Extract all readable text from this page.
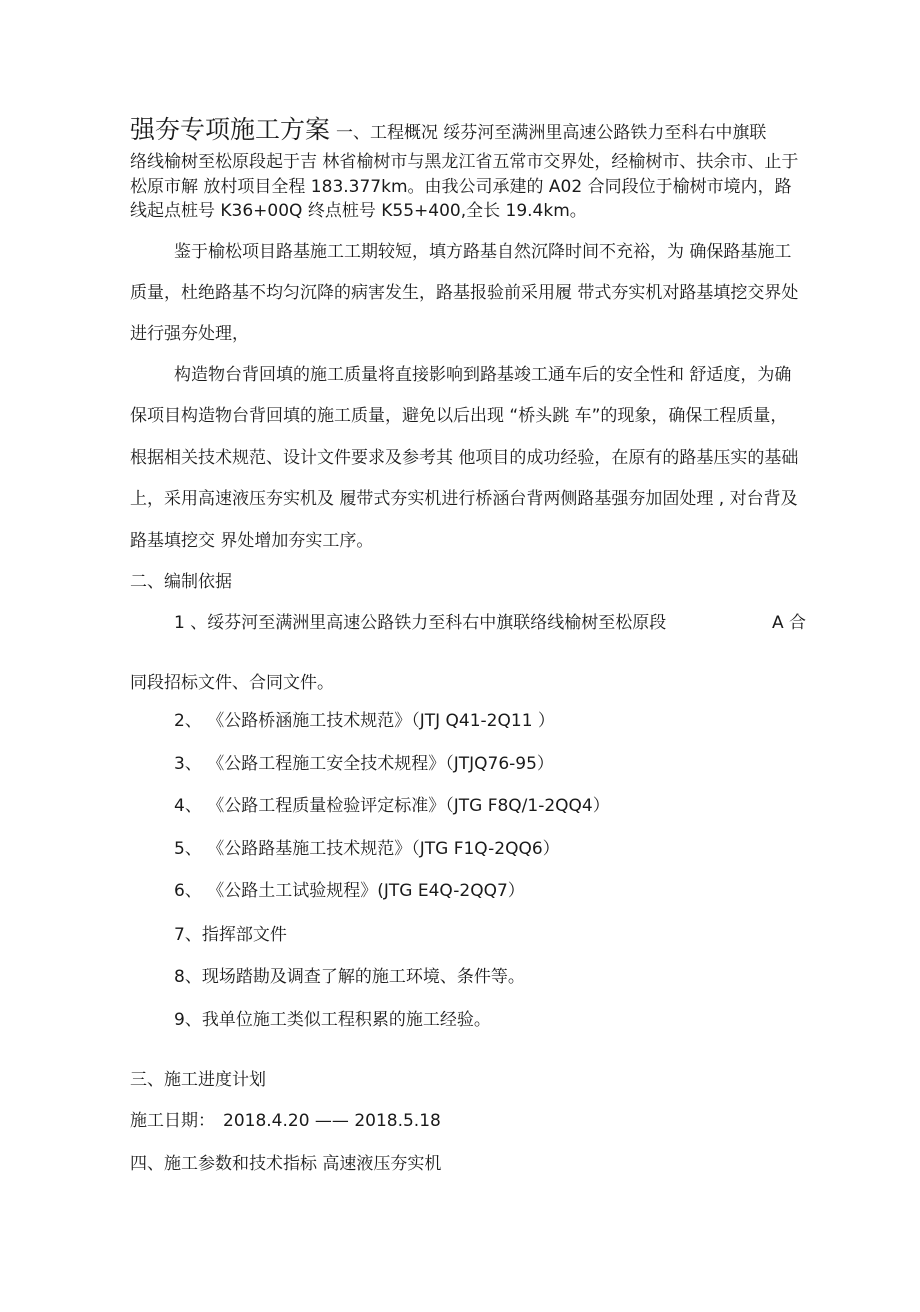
强夯专项施工方案 一、工程概况 绥芬河至满洲里高速公路铁力至科右中旗联
络线榆树至松原段起于吉 林省榆树市与黑龙江省五常市交界处，经榆树市、扶余市、止于
松原市解 放村项目全程 183.377km。由我公司承建的 A02 合同段位于榆树市境内，路
线起点桩号 K36+00Q 终点桩号 K55+400,全长 19.4km。
鉴于榆松项目路基施工工期较短，填方路基自然沉降时间不充裕，为 确保路基施工
质量，杜绝路基不均匀沉降的病害发生，路基报验前采用履 带式夯实机对路基填挖交界处
进行强夯处理，
构造物台背回填的施工质量将直接影响到路基竣工通车后的安全性和 舒适度，为确
保项目构造物台背回填的施工质量，避免以后出现 “桥头跳 车”的现象，确保工程质量，
根据相关技术规范、设计文件要求及参考其 他项目的成功经验，在原有的路基压实的基础
上，采用高速液压夯实机及 履带式夯实机进行桥涵台背两侧路基强夯加固处理 , 对台背及
路基填挖交 界处增加夯实工序。
二、编制依据
1 、绥芬河至满洲里高速公路铁力至科右中旗联络线榆树至松原段	A 合
同段招标文件、合同文件。
2、 《公路桥涵施工技术规范》（JTJ Q41-2Q11 ）
3、 《公路工程施工安全技术规程》（JTJQ76-95）
4、 《公路工程质量检验评定标准》（JTG F8Q/1-2QQ4）
5、 《公路路基施工技术规范》（JTG F1Q-2QQ6）
6、 《公路土工试验规程》(JTG E4Q-2QQ7）
7、指挥部文件
8、现场踏勘及调查了解的施工环境、条件等。
9、我单位施工类似工程积累的施工经验。
三、施工进度计划
施工日期： 2018.4.20 —— 2018.5.18
四、施工参数和技术指标 高速液压夯实机
